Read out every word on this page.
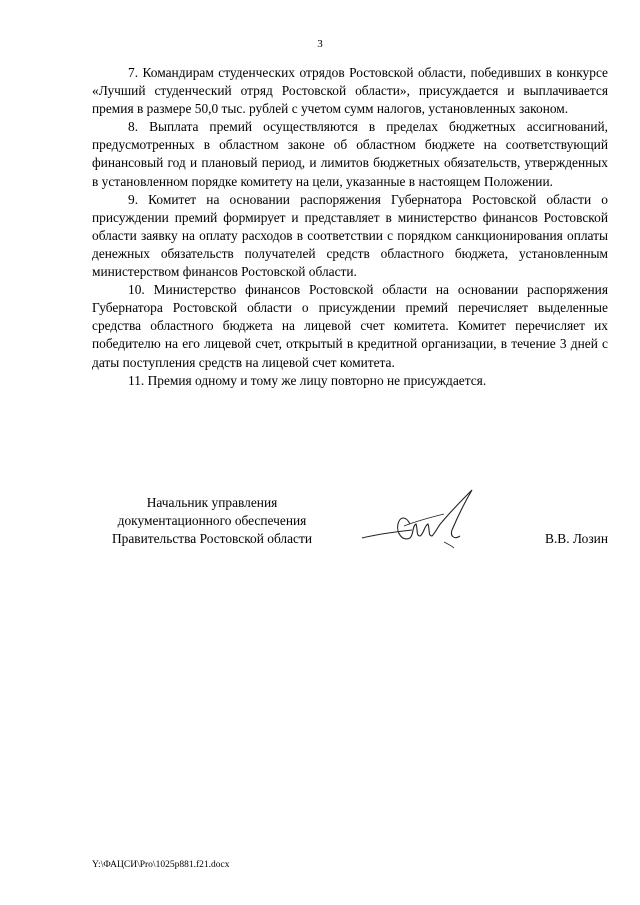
3

7. Командирам студенческих отрядов Ростовской области, победивших в конкурсе «Лучший студенческий отряд Ростовской области», присуждается и выплачивается премия в размере 50,0 тыс. рублей с учетом сумм налогов, установленных законом.

8. Выплата премий осуществляются в пределах бюджетных ассигнований, предусмотренных в областном законе об областном бюджете на соответствующий финансовый год и плановый период, и лимитов бюджетных обязательств, утвержденных в установленном порядке комитету на цели, указанные в настоящем Положении.

9. Комитет на основании распоряжения Губернатора Ростовской области о присуждении премий формирует и представляет в министерство финансов Ростовской области заявку на оплату расходов в соответствии с порядком санкционирования оплаты денежных обязательств получателей средств областного бюджета, установленным министерством финансов Ростовской области.

10. Министерство финансов Ростовской области на основании распоряжения Губернатора Ростовской области о присуждении премий перечисляет выделенные средства областного бюджета на лицевой счет комитета. Комитет перечисляет их победителю на его лицевой счет, открытый в кредитной организации, в течение 3 дней с даты поступления средств на лицевой счет комитета.

11. Премия одному и тому же лицу повторно не присуждается.

Начальник управления
документационного обеспечения
Правительства Ростовской области	В.В. Лозин
Y:\ФАЦСИ\Pro\1025p881.f21.docx
